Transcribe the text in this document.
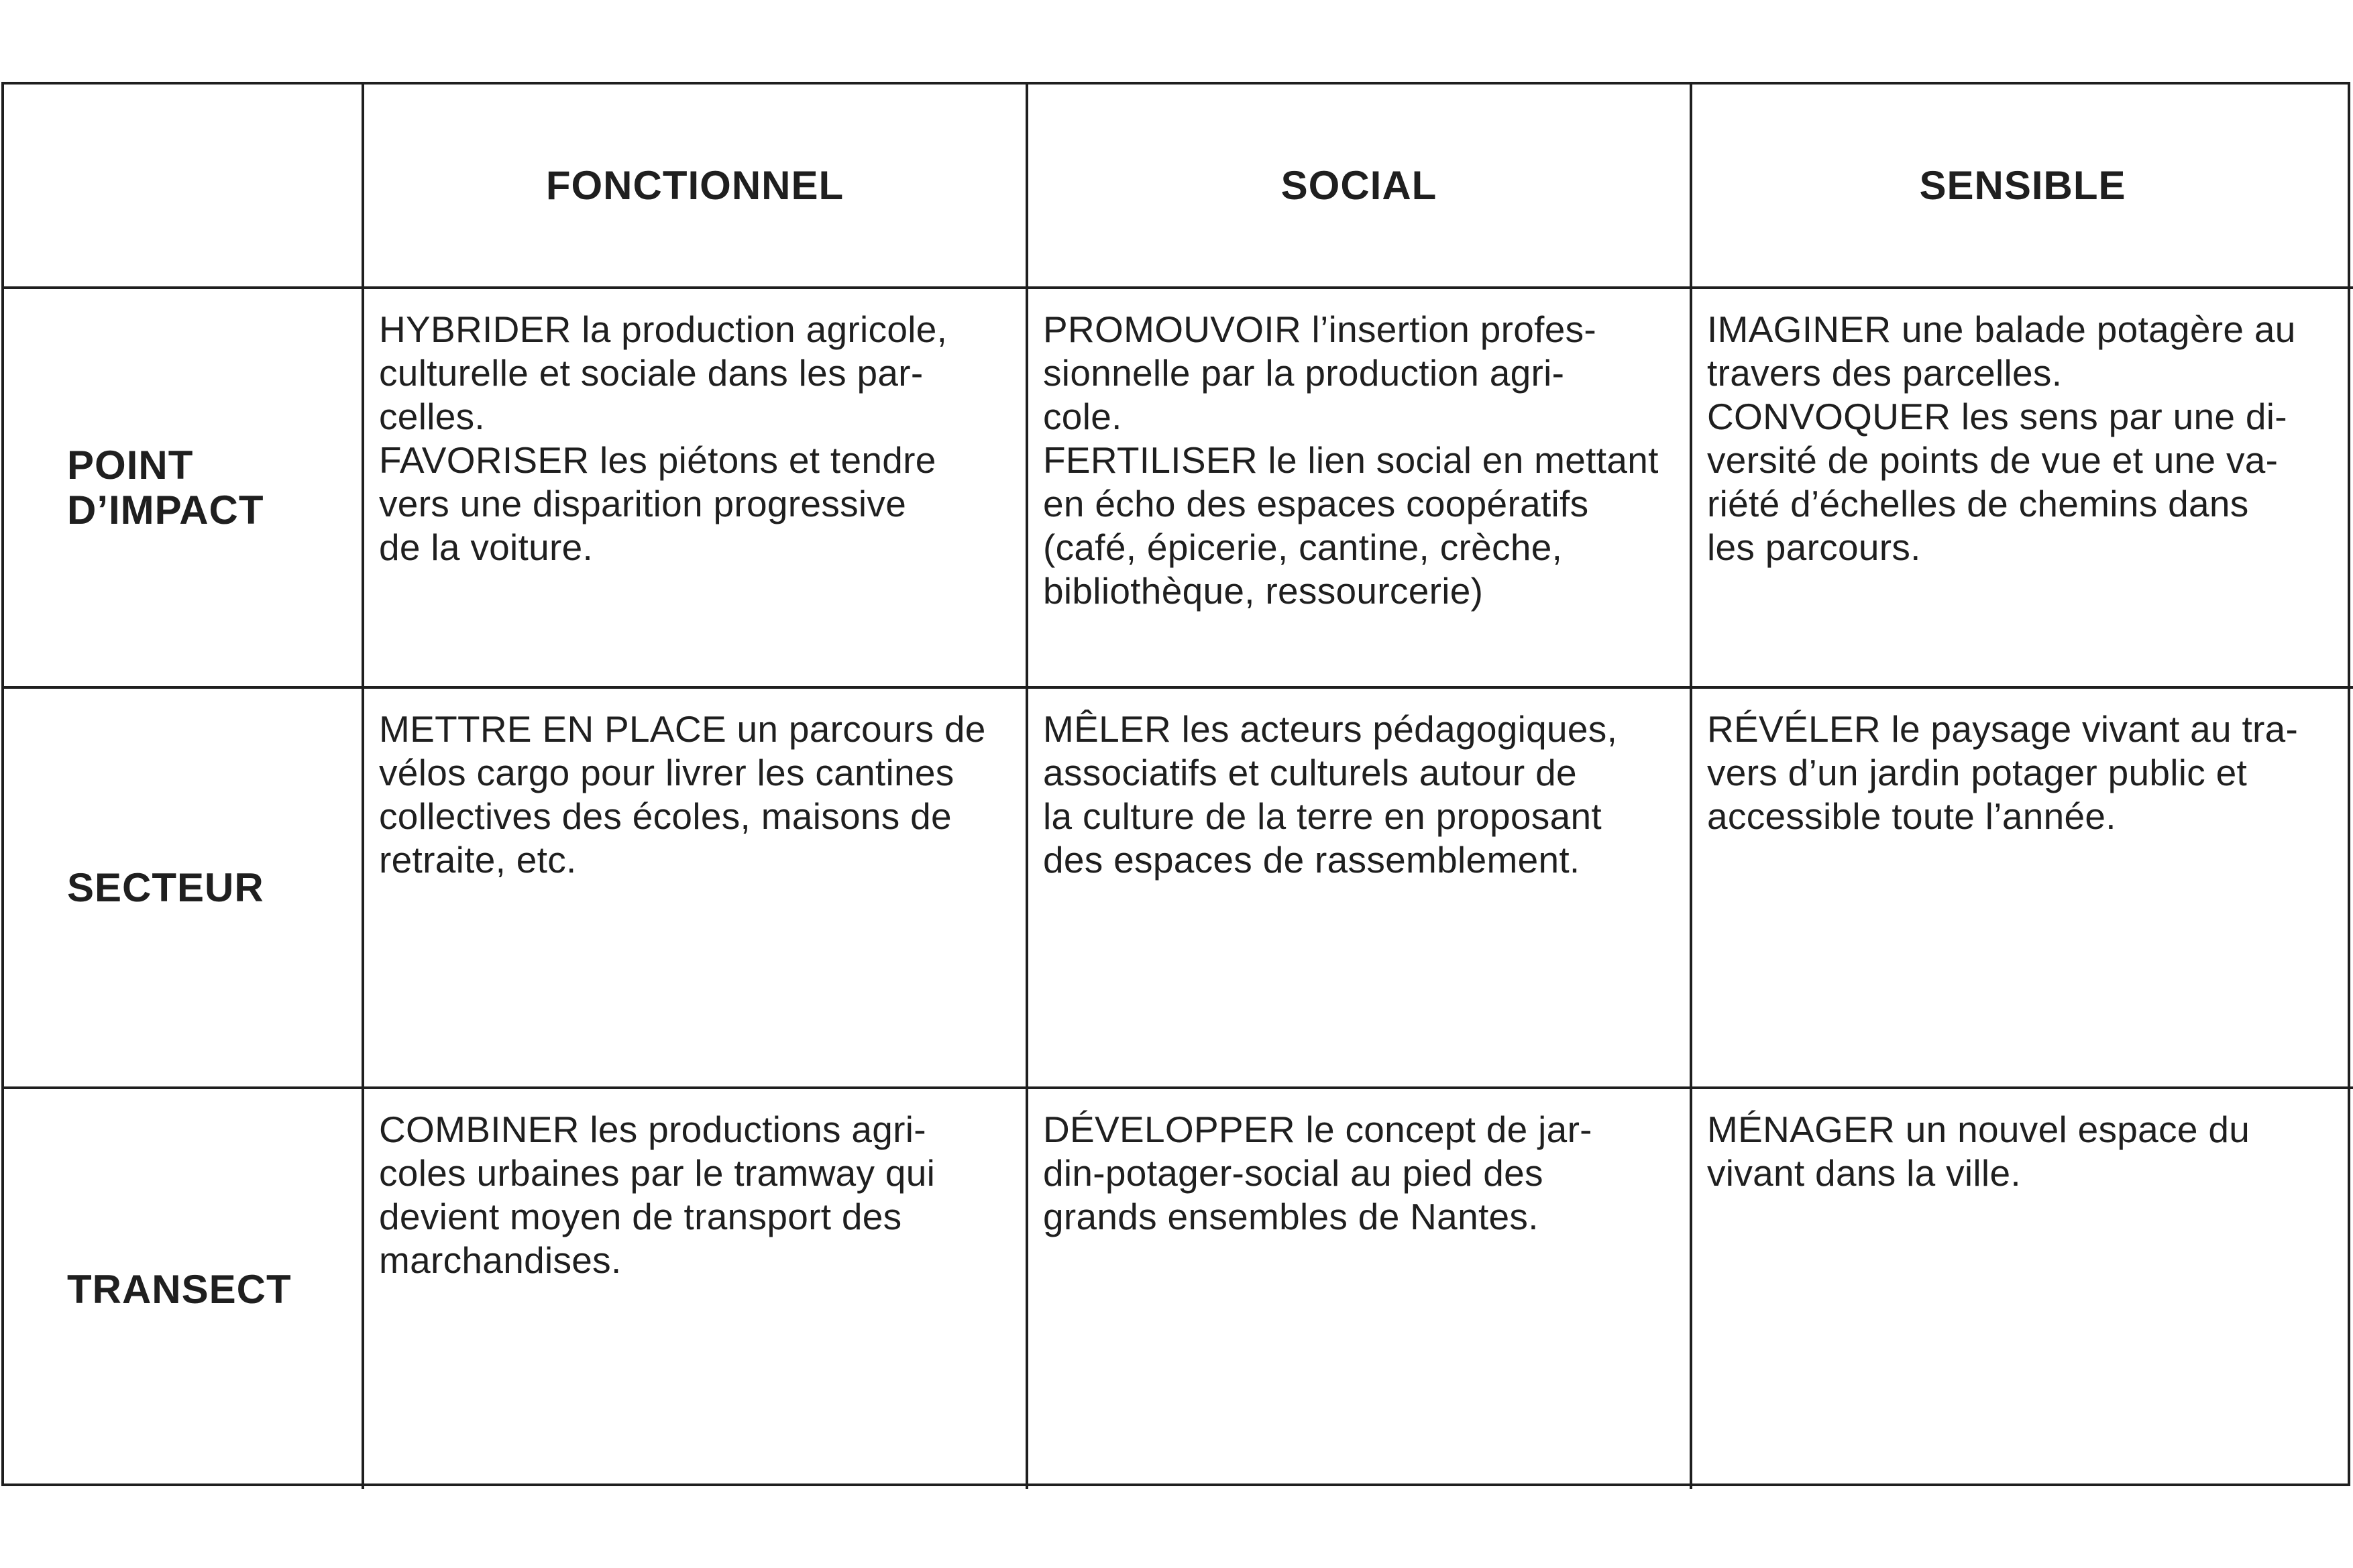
FONCTIONNEL	SOCIAL	SENSIBLE
POINT
D’IMPACT
HYBRIDER la production agricole,
culturelle et sociale dans les par-
celles.
FAVORISER les piétons et tendre
vers une disparition progressive
de la voiture.
PROMOUVOIR l’insertion profes-
sionnelle par la production agri-
cole.
FERTILISER le lien social en mettant
en écho des espaces coopératifs
(café, épicerie, cantine, crèche,
bibliothèque, ressourcerie)
IMAGINER une balade potagère au
travers des parcelles.
CONVOQUER les sens par une di-
versité de points de vue et une va-
riété d’échelles de chemins dans
les parcours.
SECTEUR
METTRE EN PLACE un parcours de
vélos cargo pour livrer les cantines
collectives des écoles, maisons de
retraite, etc.
MÊLER les acteurs pédagogiques,
associatifs et culturels autour de
la culture de la terre en proposant
des espaces de rassemblement.
RÉVÉLER le paysage vivant au tra-
vers d’un jardin potager public et
accessible toute l’année.
TRANSECT
COMBINER les productions agri-
coles urbaines par le tramway qui
devient moyen de transport des
marchandises.
DÉVELOPPER le concept de jar-
din-potager-social au pied des
grands ensembles de Nantes.
MÉNAGER un nouvel espace du
vivant dans la ville.
